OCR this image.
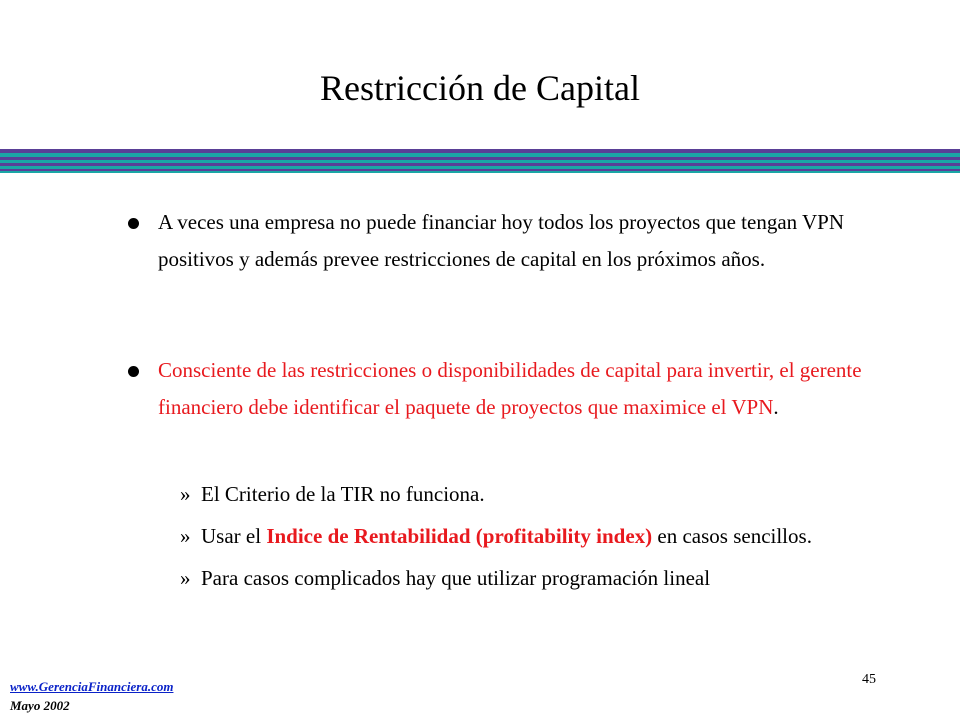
Restricción de Capital
A veces una empresa no puede financiar hoy todos los proyectos que tengan VPN positivos y además prevee restricciones de capital en los próximos años.
Consciente de las restricciones o disponibilidades de capital para invertir, el gerente financiero debe identificar el paquete de proyectos que maximice el VPN.
» El Criterio de la TIR no funciona.
» Usar el Indice de Rentabilidad (profitability index) en casos sencillos.
» Para casos complicados hay que utilizar programación lineal
45
www.GerenciaFinanciera.com
Mayo 2002
